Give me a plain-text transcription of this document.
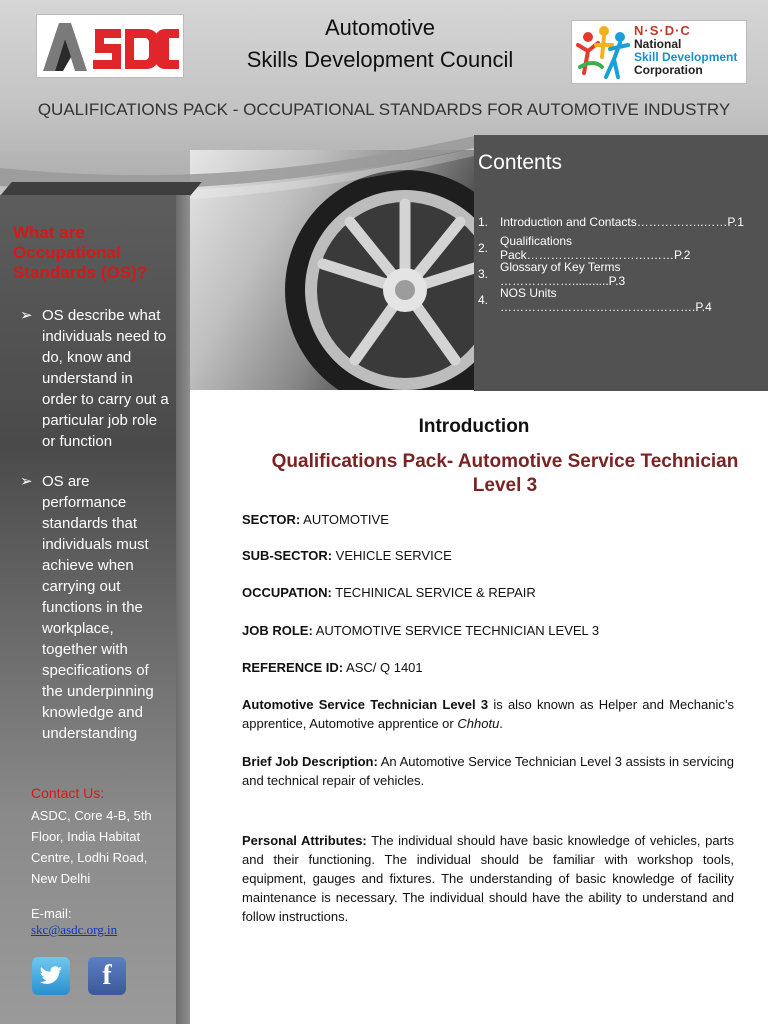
Automotive
Skills Development Council
N·S·D·C
National
Skill Development
Corporation
QUALIFICATIONS PACK - OCCUPATIONAL STANDARDS FOR AUTOMOTIVE INDUSTRY
Contents
1. Introduction and Contacts……………..……P.1
2. Qualifications Pack………………………….……P.2
3. Glossary of Key Terms ………………...........P.3
4. NOS Units ………………………………………….P.4
What are Occupational Standards (OS)?
➢ OS describe what individuals need to do, know and understand in order to carry out a particular job role or function
➢ OS are performance standards that individuals must achieve when carrying out functions in the workplace, together with specifications of the underpinning knowledge and understanding
Contact Us:
ASDC, Core 4-B, 5th Floor, India Habitat Centre, Lodhi Road, New Delhi
E-mail:
skc@asdc.org.in
f
Introduction
Qualifications Pack- Automotive Service Technician Level 3
SECTOR: AUTOMOTIVE
SUB-SECTOR: VEHICLE SERVICE
OCCUPATION: TECHINICAL SERVICE & REPAIR
JOB ROLE: AUTOMOTIVE SERVICE TECHNICIAN LEVEL 3
REFERENCE ID: ASC/ Q 1401
Automotive Service Technician Level 3 is also known as Helper and Mechanic’s apprentice, Automotive apprentice or Chhotu.
Brief Job Description: An Automotive Service Technician Level 3 assists in servicing and technical repair of vehicles.
Personal Attributes: The individual should have basic knowledge of vehicles, parts and their functioning. The individual should be familiar with workshop tools, equipment, gauges and fixtures. The understanding of basic knowledge of facility maintenance is necessary. The individual should have the ability to understand and follow instructions.
